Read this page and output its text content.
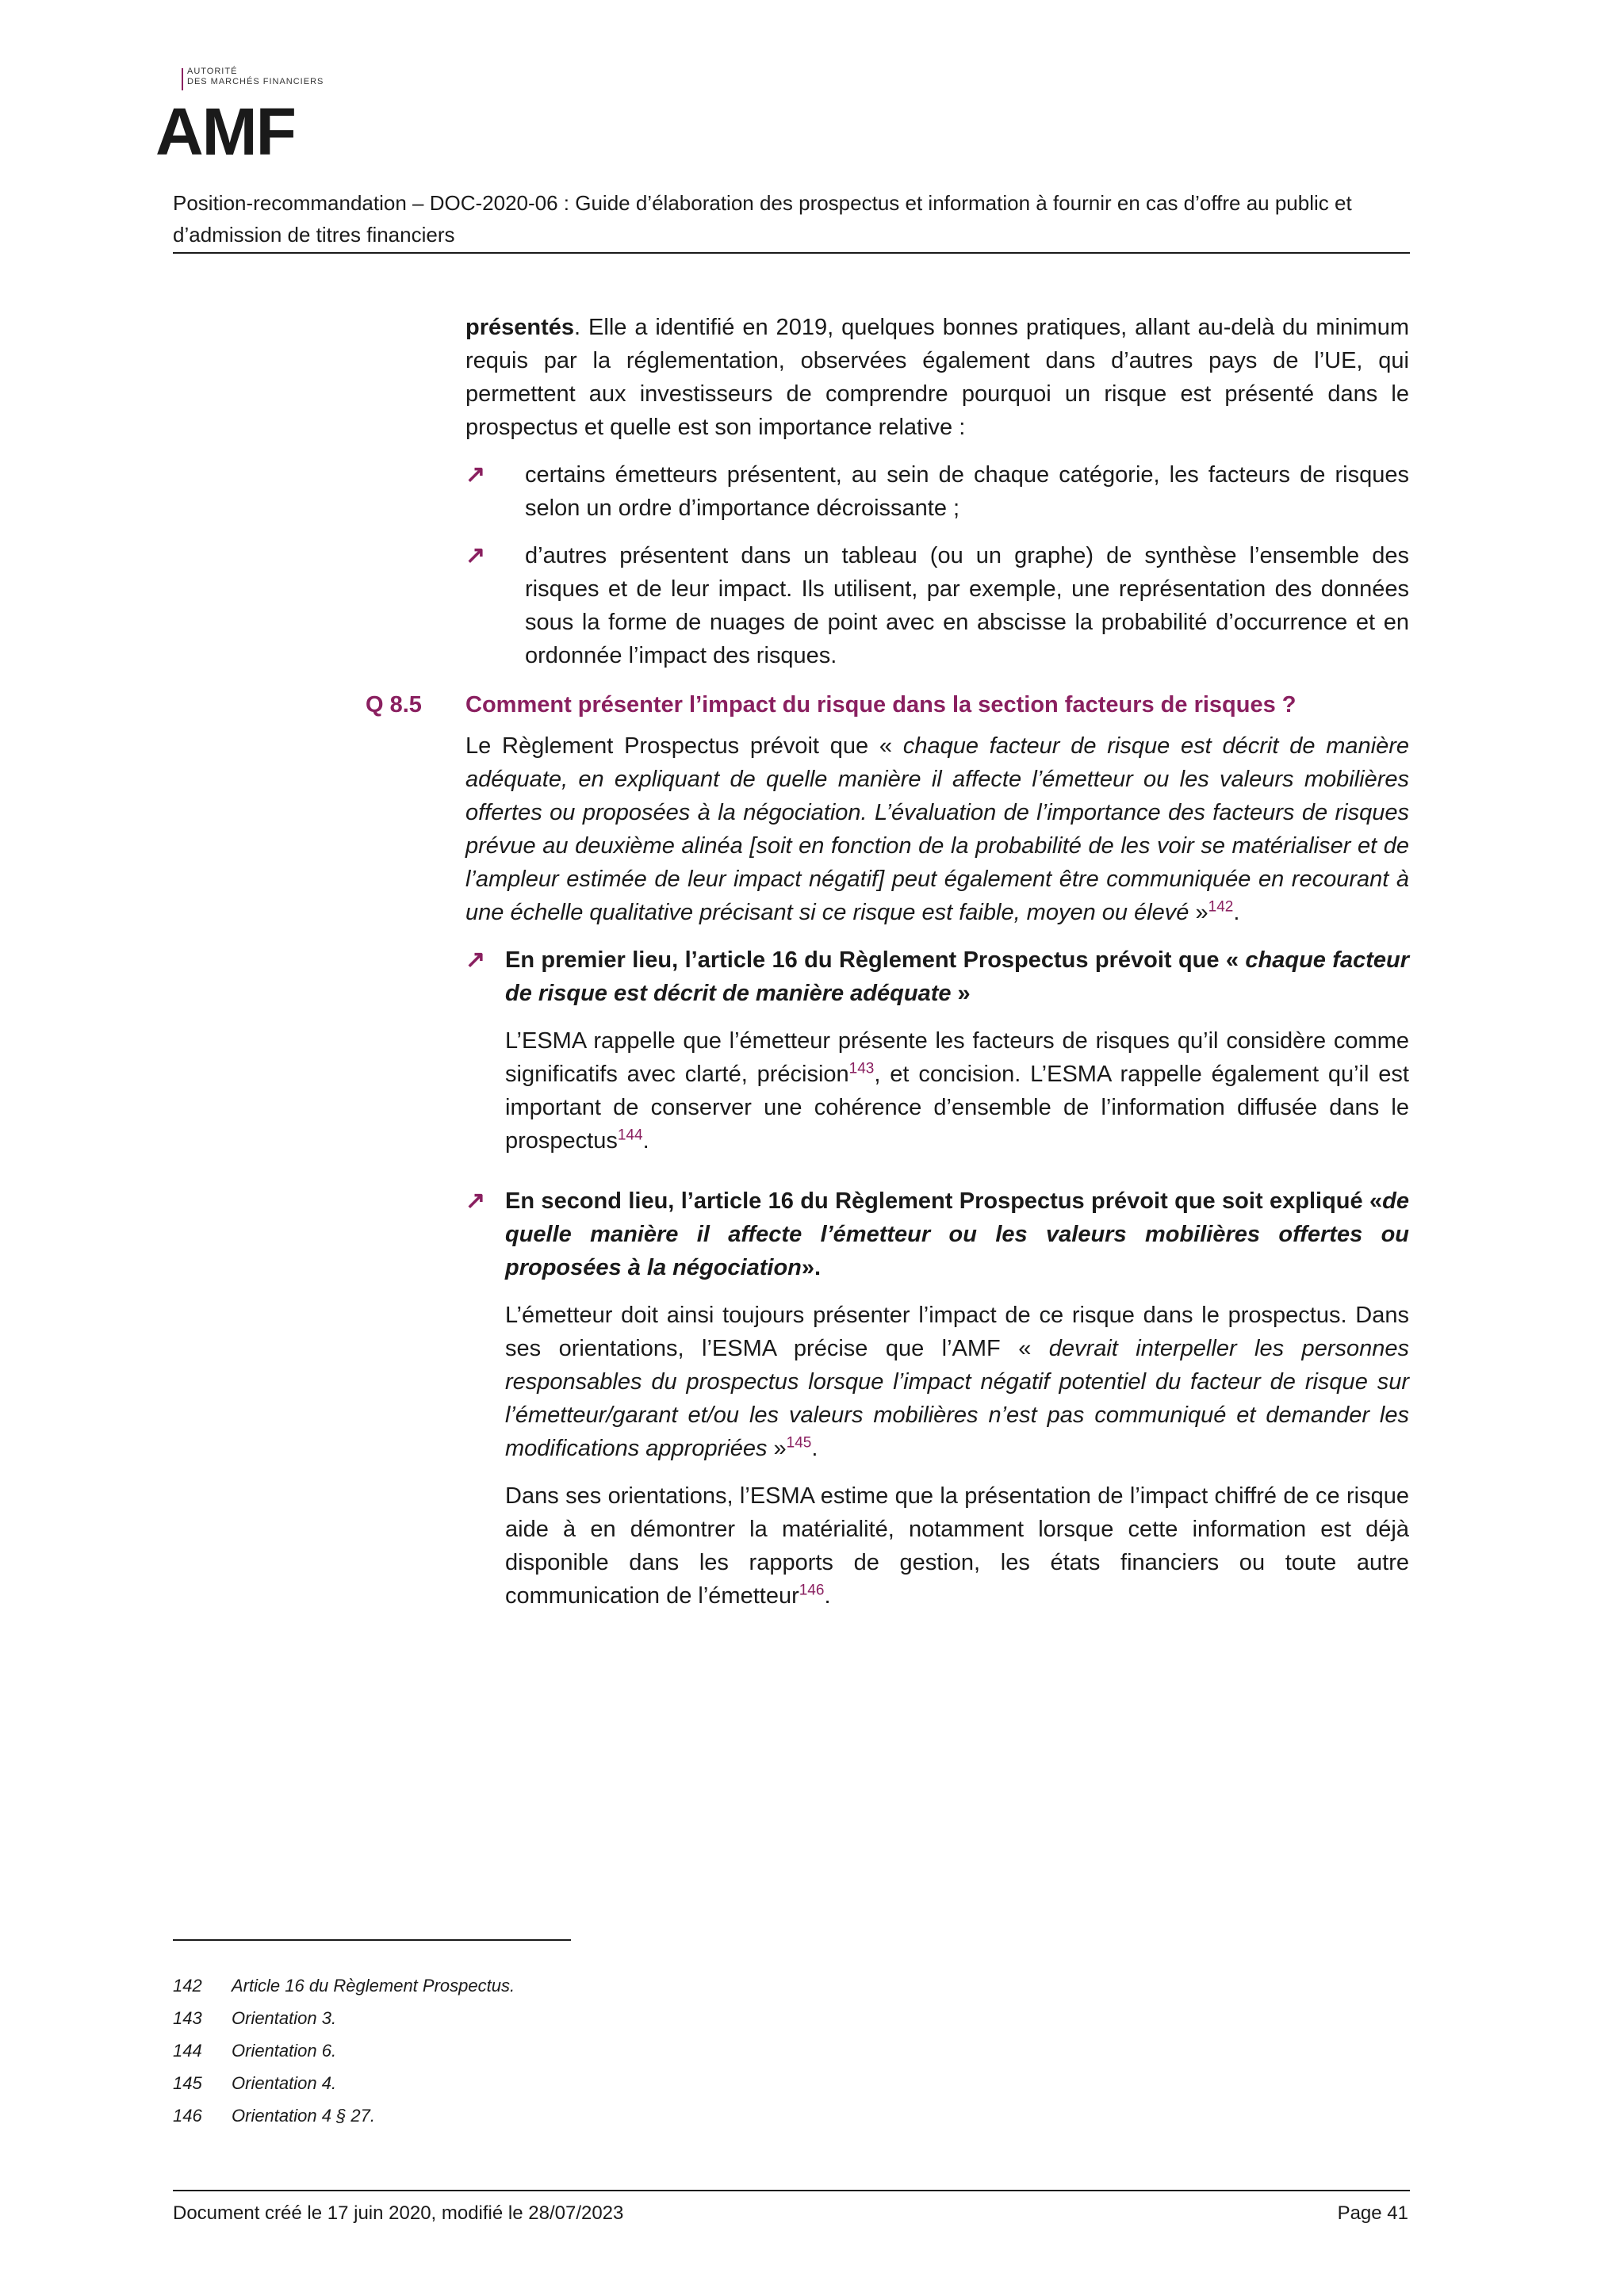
AUTORITÉ
DES MARCHÉS FINANCIERS
AMF
Position-recommandation – DOC-2020-06 : Guide d’élaboration des prospectus et information à fournir en cas d’offre au public et d’admission de titres financiers

présentés. Elle a identifié en 2019, quelques bonnes pratiques, allant au-delà du minimum requis par la réglementation, observées également dans d’autres pays de l’UE, qui permettent aux investisseurs de comprendre pourquoi un risque est présenté dans le prospectus et quelle est son importance relative :

↗	certains émetteurs présentent, au sein de chaque catégorie, les facteurs de risques selon un ordre d’importance décroissante ;
↗	d’autres présentent dans un tableau (ou un graphe) de synthèse l’ensemble des risques et de leur impact. Ils utilisent, par exemple, une représentation des données sous la forme de nuages de point avec en abscisse la probabilité d’occurrence et en ordonnée l’impact des risques.
Q 8.5 Comment présenter l’impact du risque dans la section facteurs de risques ?

Le Règlement Prospectus prévoit que « chaque facteur de risque est décrit de manière adéquate, en expliquant de quelle manière il affecte l’émetteur ou les valeurs mobilières offertes ou proposées à la négociation. L’évaluation de l’importance des facteurs de risques prévue au deuxième alinéa [soit en fonction de la probabilité de les voir se matérialiser et de l’ampleur estimée de leur impact négatif] peut également être communiquée en recourant à une échelle qualitative précisant si ce risque est faible, moyen ou élevé »$^{142}$.

↗ En premier lieu, l’article 16 du Règlement Prospectus prévoit que « chaque facteur de risque est décrit de manière adéquate »

L’ESMA rappelle que l’émetteur présente les facteurs de risques qu’il considère comme significatifs avec clarté, précision$^{143}$, et concision. L’ESMA rappelle également qu’il est important de conserver une cohérence d’ensemble de l’information diffusée dans le prospectus$^{144}$.

↗ En second lieu, l’article 16 du Règlement Prospectus prévoit que soit expliqué «de quelle manière il affecte l’émetteur ou les valeurs mobilières offertes ou proposées à la négociation».

L’émetteur doit ainsi toujours présenter l’impact de ce risque dans le prospectus. Dans ses orientations, l’ESMA précise que l’AMF « devrait interpeller les personnes responsables du prospectus lorsque l’impact négatif potentiel du facteur de risque sur l’émetteur/garant et/ou les valeurs mobilières n’est pas communiqué et demander les modifications appropriées »$^{145}$.

Dans ses orientations, l’ESMA estime que la présentation de l’impact chiffré de ce risque aide à en démontrer la matérialité, notamment lorsque cette information est déjà disponible dans les rapports de gestion, les états financiers ou toute autre communication de l’émetteur$^{146}$.

142	Article 16 du Règlement Prospectus.
143	Orientation 3.
144	Orientation 6.
145	Orientation 4.
146	Orientation 4 § 27.
Document créé le 17 juin 2020, modifié le 28/07/2023	Page 41
